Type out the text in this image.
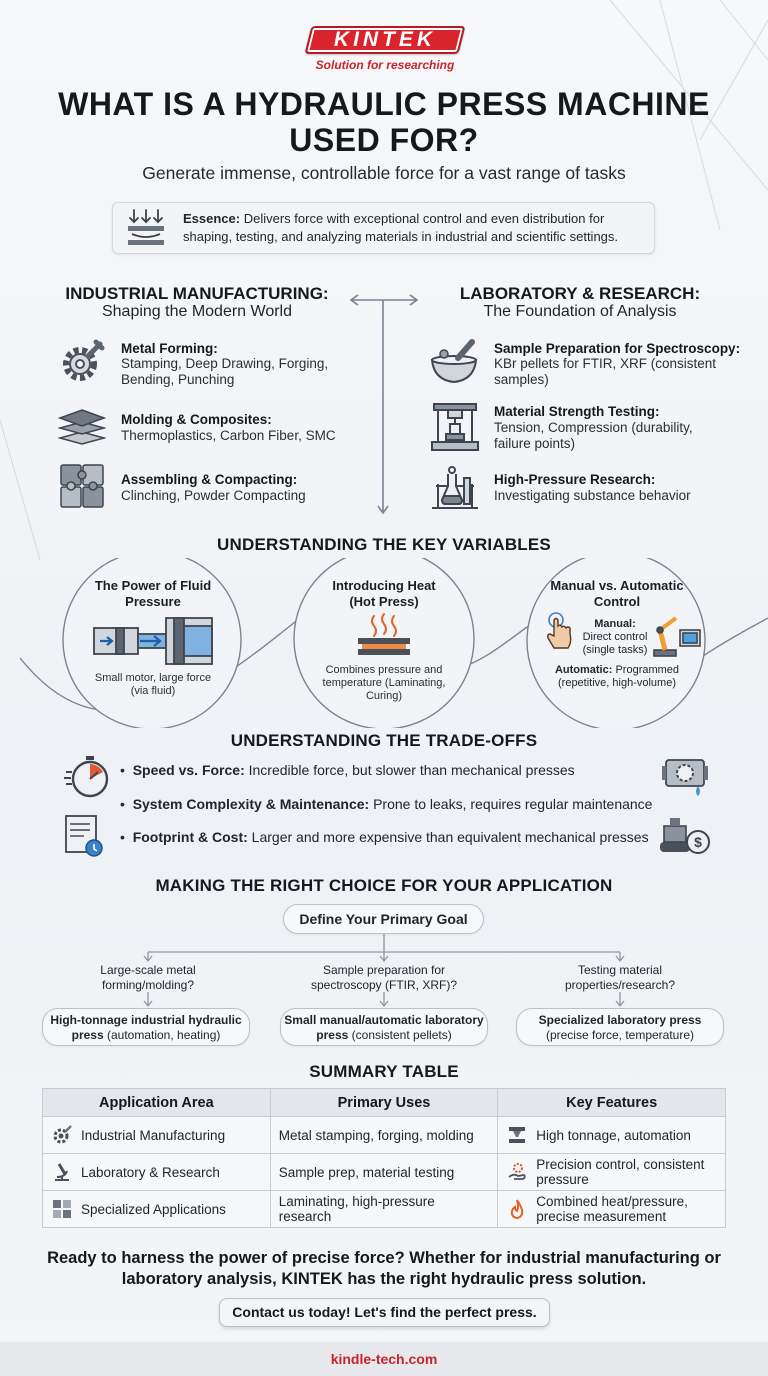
KINTEK
Solution for researching
WHAT IS A HYDRAULIC PRESS MACHINE USED FOR?
Generate immense, controllable force for a vast range of tasks
Essence: Delivers force with exceptional control and even distribution for shaping, testing, and analyzing materials in industrial and scientific settings.
INDUSTRIAL MANUFACTURING:
Shaping the Modern World
Metal Forming:
Stamping, Deep Drawing, Forging, Bending, Punching
Molding & Composites:
Thermoplastics, Carbon Fiber, SMC
Assembling & Compacting:
Clinching, Powder Compacting
LABORATORY & RESEARCH:
The Foundation of Analysis
Sample Preparation for Spectroscopy:
KBr pellets for FTIR, XRF (consistent samples)
Material Strength Testing:
Tension, Compression (durability, failure points)
High-Pressure Research:
Investigating substance behavior
UNDERSTANDING THE KEY VARIABLES
The Power of Fluid Pressure
Small motor, large force (via fluid)
Introducing Heat (Hot Press)
Combines pressure and temperature (Laminating, Curing)
Manual vs. Automatic Control
Manual:
Direct control (single tasks)
Automatic: Programmed (repetitive, high-volume)
UNDERSTANDING THE TRADE-OFFS
•  Speed vs. Force: Incredible force, but slower than mechanical presses
•  System Complexity & Maintenance: Prone to leaks, requires regular maintenance
•  Footprint & Cost: Larger and more expensive than equivalent mechanical presses	$
MAKING THE RIGHT CHOICE FOR YOUR APPLICATION
Define Your Primary Goal
Large-scale metal forming/molding?
Sample preparation for spectroscopy (FTIR, XRF)?
Testing material properties/research?
High-tonnage industrial hydraulic press (automation, heating)
Small manual/automatic laboratory press (consistent pellets)
Specialized laboratory press (precise force, temperature)
SUMMARY TABLE
Application Area	Primary Uses	Key Features

Industrial Manufacturing	Metal stamping, forging, molding	High tonnage, automation

Laboratory & Research	Sample prep, material testing	Precision control, consistent pressure

Specialized Applications	Laminating, high-pressure research	Combined heat/pressure, precise measurement
Ready to harness the power of precise force? Whether for industrial manufacturing or laboratory analysis, KINTEK has the right hydraulic press solution.
Contact us today! Let's find the perfect press.
kindle-tech.com
